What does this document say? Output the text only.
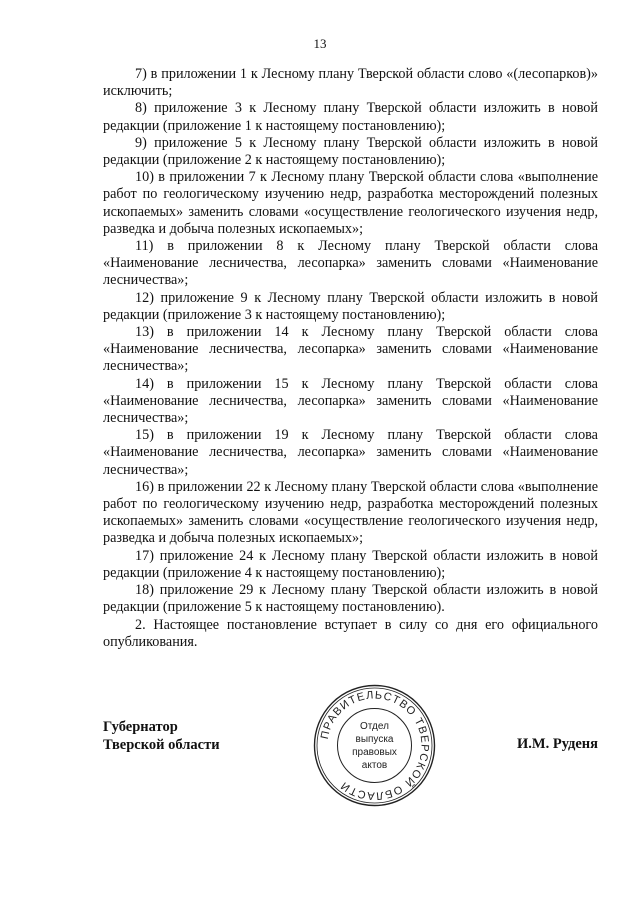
13

7) в приложении 1 к Лесному плану Тверской области слово «(лесопарков)» исключить;

8) приложение 3 к Лесному плану Тверской области изложить в новой редакции (приложение 1 к настоящему постановлению);

9) приложение 5 к Лесному плану Тверской области изложить в новой редакции (приложение 2 к настоящему постановлению);

10) в приложении 7 к Лесному плану Тверской области слова «выполнение работ по геологическому изучению недр, разработка месторождений полезных ископаемых» заменить словами «осуществление геологического изучения недр, разведка и добыча полезных ископаемых»;

11) в приложении 8 к Лесному плану Тверской области слова «Наименование лесничества, лесопарка» заменить словами «Наименование лесничества»;

12) приложение 9 к Лесному плану Тверской области изложить в новой редакции (приложение 3 к настоящему постановлению);

13) в приложении 14 к Лесному плану Тверской области слова «Наименование лесничества, лесопарка» заменить словами «Наименование лесничества»;

14) в приложении 15 к Лесному плану Тверской области слова «Наименование лесничества, лесопарка» заменить словами «Наименование лесничества»;

15) в приложении 19 к Лесному плану Тверской области слова «Наименование лесничества, лесопарка» заменить словами «Наименование лесничества»;

16) в приложении 22 к Лесному плану Тверской области слова «выполнение работ по геологическому изучению недр, разработка месторождений полезных ископаемых» заменить словами «осуществление геологического изучения недр, разведка и добыча полезных ископаемых»;

17) приложение 24 к Лесному плану Тверской области изложить в новой редакции (приложение 4 к настоящему постановлению);

18) приложение 29 к Лесному плану Тверской области изложить в новой редакции (приложение 5 к настоящему постановлению).

2. Настоящее постановление вступает в силу со дня его официального опубликования.

Губернатор
Тверской области
ПРАВИТЕЛЬСТВО ТВЕРСКОЙ ОБЛАСТИ
Отдел
выпуска
правовых
актов
И.М. Руденя
